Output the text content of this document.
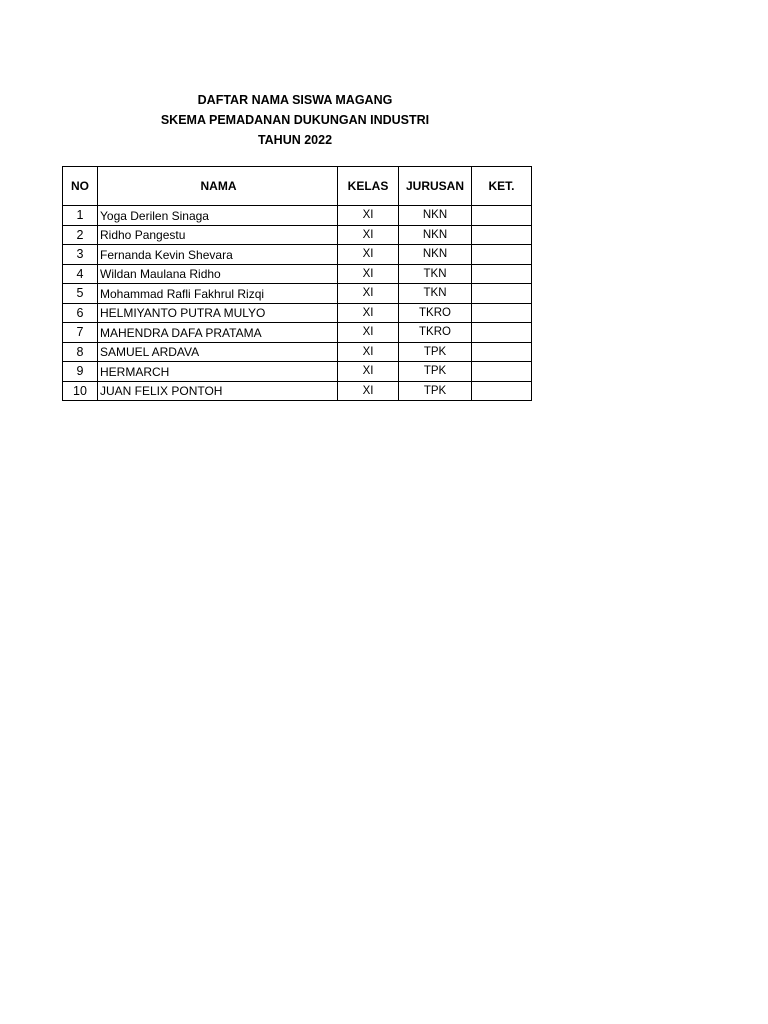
DAFTAR NAMA SISWA MAGANG
SKEMA PEMADANAN DUKUNGAN INDUSTRI
TAHUN 2022
NO	NAMA	KELAS	JURUSAN	KET.
1	Yoga Derilen Sinaga	XI	NKN	
2	Ridho Pangestu	XI	NKN	
3	Fernanda Kevin Shevara	XI	NKN	
4	Wildan Maulana Ridho	XI	TKN	
5	Mohammad Rafli Fakhrul Rizqi	XI	TKN	
6	HELMIYANTO PUTRA MULYO	XI	TKRO	
7	MAHENDRA DAFA PRATAMA	XI	TKRO	
8	SAMUEL ARDAVA	XI	TPK	
9	HERMARCH	XI	TPK	
10	JUAN FELIX PONTOH	XI	TPK	
